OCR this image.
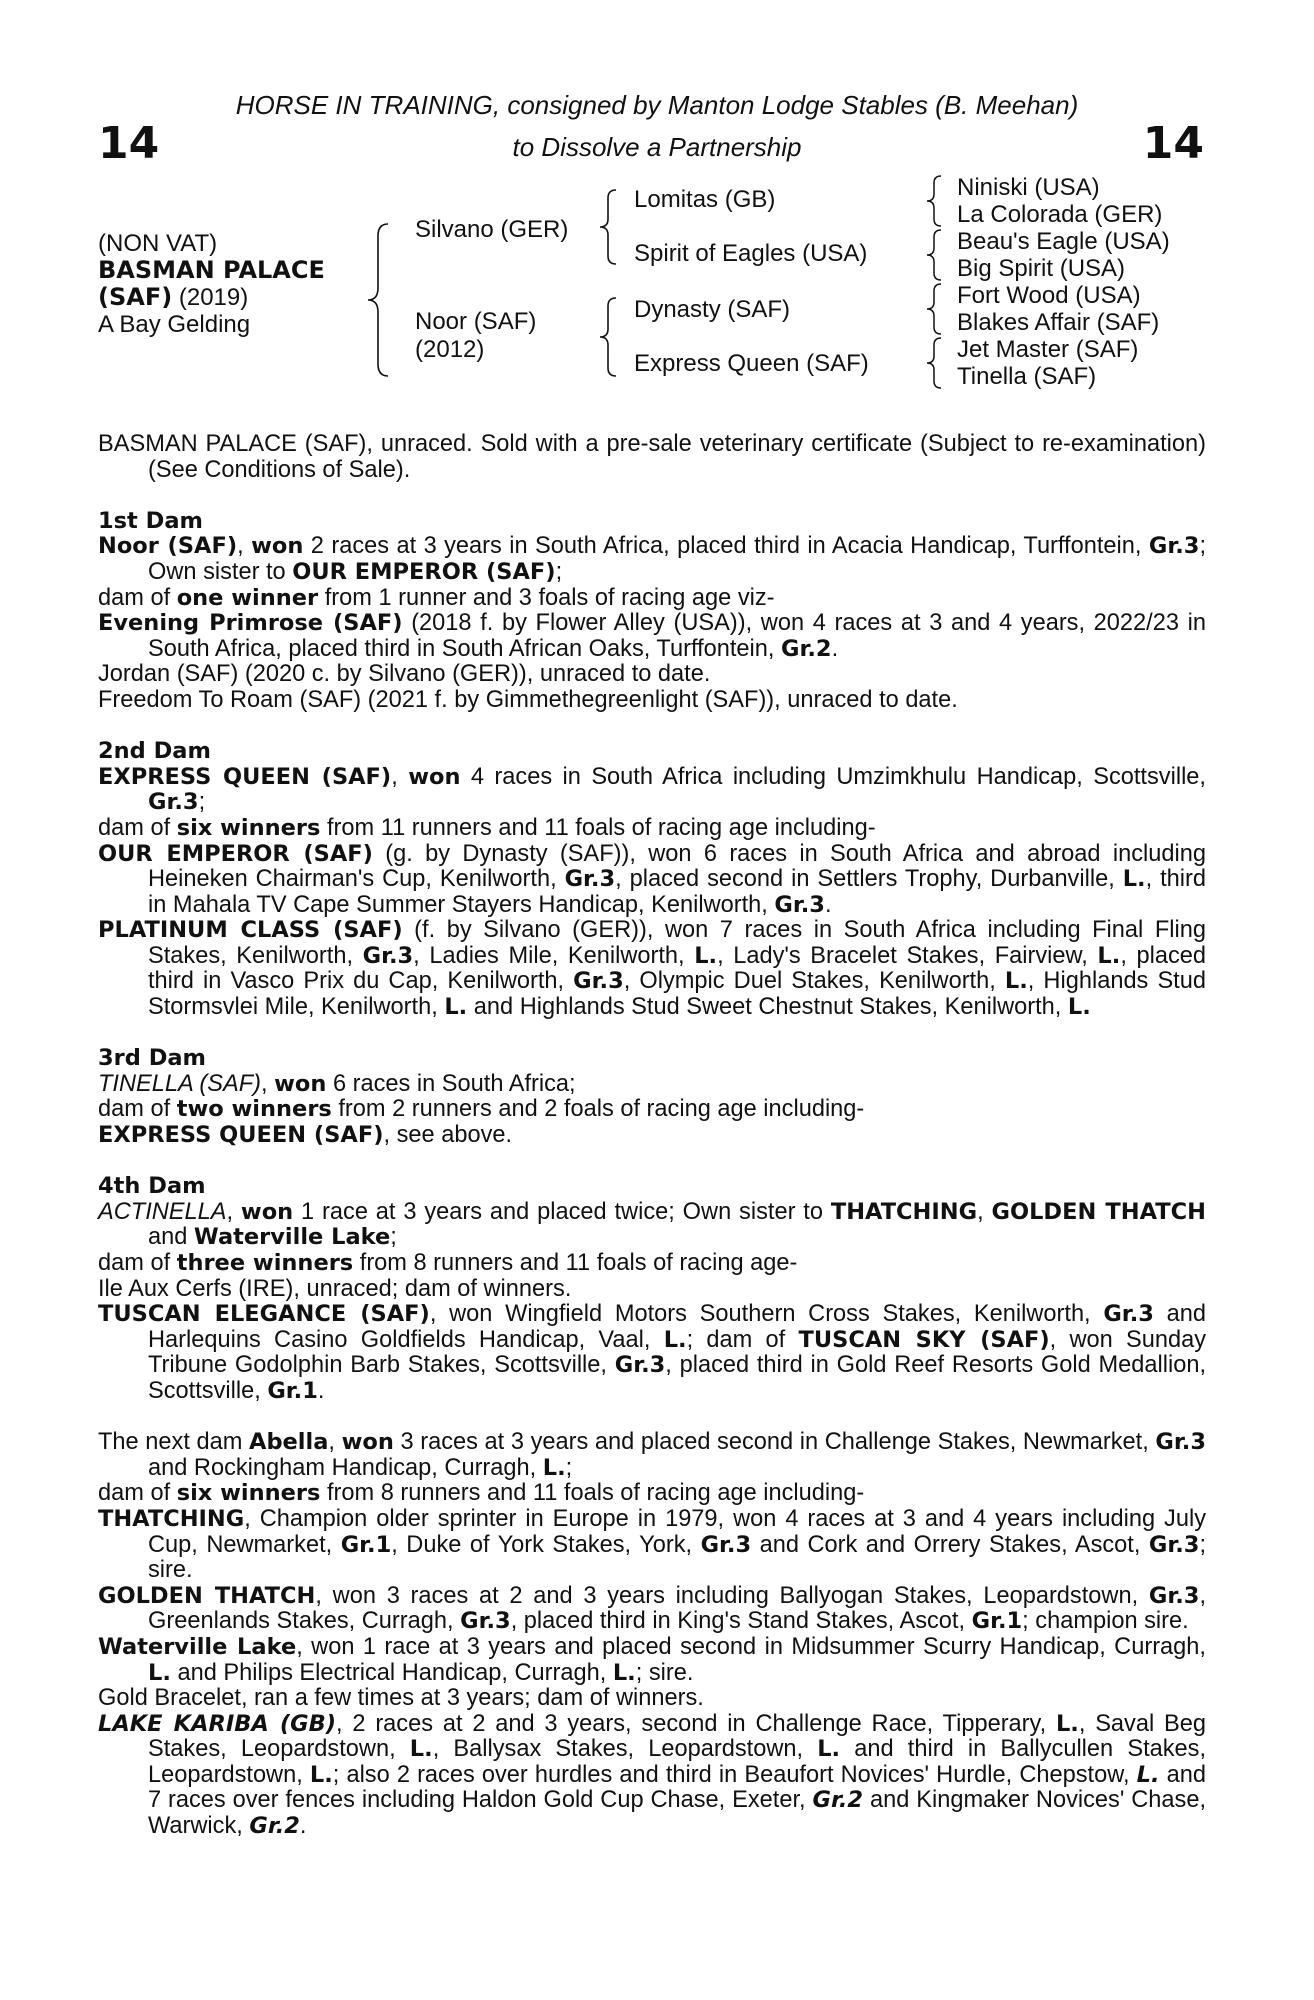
14	14
HORSE IN TRAINING, consigned by Manton Lodge Stables (B. Meehan)
to Dissolve a Partnership
(NON VAT)
BASMAN PALACE
(SAF) (2019)
A Bay Gelding
Silvano (GER)
Noor (SAF)
(2012)
Lomitas (GB)
Spirit of Eagles (USA)
Dynasty (SAF)
Express Queen (SAF)
Niniski (USA)
La Colorada (GER)
Beau's Eagle (USA)
Big Spirit (USA)
Fort Wood (USA)
Blakes Affair (SAF)
Jet Master (SAF)
Tinella (SAF)

BASMAN PALACE (SAF), unraced. Sold with a pre-sale veterinary certificate (Subject to re-examination) (See Conditions of Sale).

1st Dam

Noor (SAF), won 2 races at 3 years in South Africa, placed third in Acacia Handicap, Turffontein, Gr.3; Own sister to OUR EMPEROR (SAF);

dam of one winner from 1 runner and 3 foals of racing age viz-

Evening Primrose (SAF) (2018 f. by Flower Alley (USA)), won 4 races at 3 and 4 years, 2022/23 in South Africa, placed third in South African Oaks, Turffontein, Gr.2.

Jordan (SAF) (2020 c. by Silvano (GER)), unraced to date.

Freedom To Roam (SAF) (2021 f. by Gimmethegreenlight (SAF)), unraced to date.

2nd Dam

EXPRESS QUEEN (SAF), won 4 races in South Africa including Umzimkhulu Handicap, Scottsville, Gr.3;

dam of six winners from 11 runners and 11 foals of racing age including-

OUR EMPEROR (SAF) (g. by Dynasty (SAF)), won 6 races in South Africa and abroad including Heineken Chairman's Cup, Kenilworth, Gr.3, placed second in Settlers Trophy, Durbanville, L., third in Mahala TV Cape Summer Stayers Handicap, Kenilworth, Gr.3.

PLATINUM CLASS (SAF) (f. by Silvano (GER)), won 7 races in South Africa including Final Fling Stakes, Kenilworth, Gr.3, Ladies Mile, Kenilworth, L., Lady's Bracelet Stakes, Fairview, L., placed third in Vasco Prix du Cap, Kenilworth, Gr.3, Olympic Duel Stakes, Kenilworth, L., Highlands Stud Stormsvlei Mile, Kenilworth, L. and Highlands Stud Sweet Chestnut Stakes, Kenilworth, L.

3rd Dam

TINELLA (SAF), won 6 races in South Africa;

dam of two winners from 2 runners and 2 foals of racing age including-

EXPRESS QUEEN (SAF), see above.

4th Dam

ACTINELLA, won 1 race at 3 years and placed twice; Own sister to THATCHING, GOLDEN THATCH and Waterville Lake;

dam of three winners from 8 runners and 11 foals of racing age-

Ile Aux Cerfs (IRE), unraced; dam of winners.

TUSCAN ELEGANCE (SAF), won Wingfield Motors Southern Cross Stakes, Kenilworth, Gr.3 and Harlequins Casino Goldfields Handicap, Vaal, L.; dam of TUSCAN SKY (SAF), won Sunday Tribune Godolphin Barb Stakes, Scottsville, Gr.3, placed third in Gold Reef Resorts Gold Medallion, Scottsville, Gr.1.

The next dam Abella, won 3 races at 3 years and placed second in Challenge Stakes, Newmarket, Gr.3 and Rockingham Handicap, Curragh, L.;

dam of six winners from 8 runners and 11 foals of racing age including-

THATCHING, Champion older sprinter in Europe in 1979, won 4 races at 3 and 4 years including July Cup, Newmarket, Gr.1, Duke of York Stakes, York, Gr.3 and Cork and Orrery Stakes, Ascot, Gr.3; sire.

GOLDEN THATCH, won 3 races at 2 and 3 years including Ballyogan Stakes, Leopardstown, Gr.3, Greenlands Stakes, Curragh, Gr.3, placed third in King's Stand Stakes, Ascot, Gr.1; champion sire.

Waterville Lake, won 1 race at 3 years and placed second in Midsummer Scurry Handicap, Curragh, L. and Philips Electrical Handicap, Curragh, L.; sire.

Gold Bracelet, ran a few times at 3 years; dam of winners.

LAKE KARIBA (GB), 2 races at 2 and 3 years, second in Challenge Race, Tipperary, L., Saval Beg Stakes, Leopardstown, L., Ballysax Stakes, Leopardstown, L. and third in Ballycullen Stakes, Leopardstown, L.; also 2 races over hurdles and third in Beaufort Novices' Hurdle, Chepstow, L. and 7 races over fences including Haldon Gold Cup Chase, Exeter, Gr.2 and Kingmaker Novices' Chase, Warwick, Gr.2.
